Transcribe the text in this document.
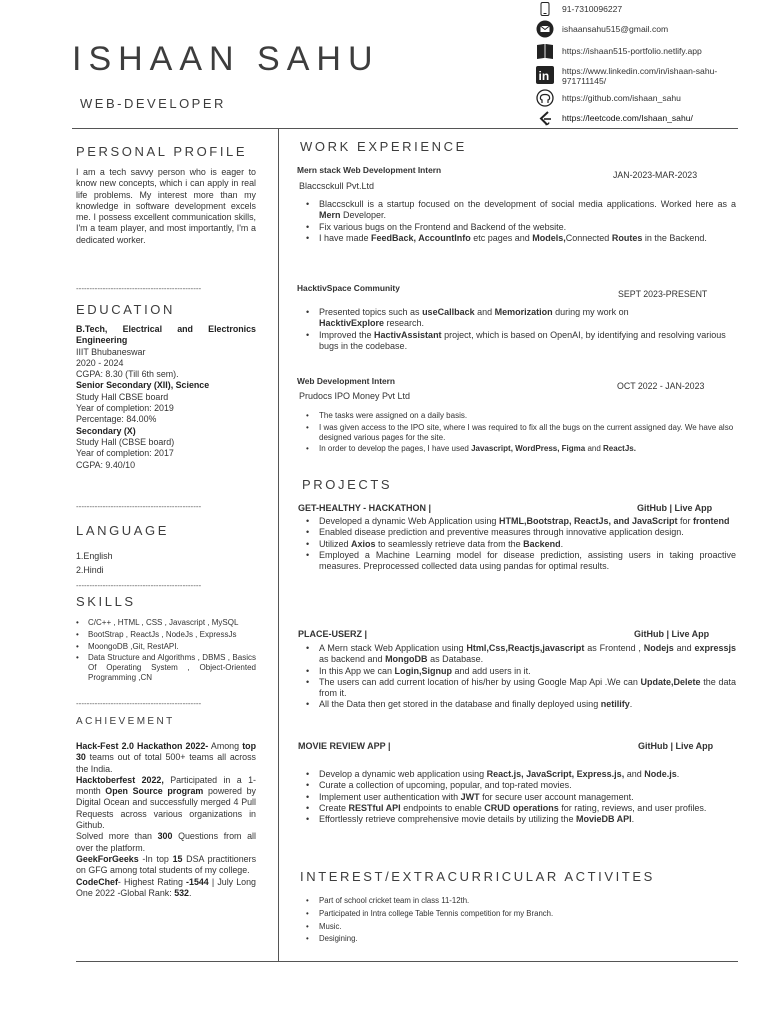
ISHAAN SAHU
WEB-DEVELOPER
91-7310096227
ishaansahu515@gmail.com
https://ishaan515-portfolio.netlify.app
in https://www.linkedin.com/in/ishaan-sahu-971711145/
https://github.com/ishaan_sahu
https://leetcode.com/Ishaan_sahu/
PERSONAL PROFILE
I am a tech savvy person who is eager to know new concepts, which i can apply in real life problems. My interest more than my knowledge in software development excels me. I possess excellent communication skills, I'm a team player, and most importantly, I'm a dedicated worker.
-----------------------------------------------
EDUCATION
B.Tech, Electrical and Electronics Engineering
IIIT Bhubaneswar
2020 - 2024
CGPA: 8.30 (Till 6th sem).
Senior Secondary (XII), Science
Study Hall CBSE board
Year of completion: 2019
Percentage: 84.00%
Secondary (X)
Study Hall (CBSE board)
Year of completion: 2017
CGPA: 9.40/10
-----------------------------------------------
LANGUAGE
1.English
2.Hindi
-----------------------------------------------
SKILLS
• C/C++ , HTML , CSS , Javascript , MySQL
• BootStrap , ReactJs , NodeJs , ExpressJs
• MoongoDB ,Git, RestAPI.
• Data Structure and Algorithms , DBMS , Basics Of Operating System , Object-Oriented Programming ,CN
-----------------------------------------------
ACHIEVEMENT
Hack-Fest 2.0 Hackathon 2022- Among top 30 teams out of total 500+ teams all across the India.
Hacktoberfest 2022, Participated in a 1-month Open Source program powered by Digital Ocean and successfully merged 4 Pull Requests across various organizations in Github.
Solved more than 300 Questions from all over the platform.
GeekForGeeks -In top 15 DSA practitioners on GFG among total students of my college.
CodeChef- Highest Rating -1544 | July Long One 2022 -Global Rank: 532.
WORK EXPERIENCE
Mern stack Web Development Intern	JAN-2023-MAR-2023
Blaccsckull Pvt.Ltd
• Blaccsckull is a startup focused on the development of social media applications. Worked here as a Mern Developer.
• Fix various bugs on the Frontend and Backend of the website.
• I have made FeedBack, AccountInfo etc pages and Models,Connected Routes in the Backend.
HacktivSpace Community
SEPT 2023-PRESENT
• Presented topics such as useCallback and Memorization during my work on
HacktivExplore research.
• Improved the HactivAssistant project, which is based on OpenAI, by identifying and resolving various bugs in the codebase.
Web Development Intern	OCT 2022 - JAN-2023
Prudocs IPO Money Pvt Ltd
• The tasks were assigned on a daily basis.
• I was given access to the IPO site, where I was required to fix all the bugs on the current assigned day. We have also designed various pages for the site.
• In order to develop the pages, I have used Javascript, WordPress, Figma and ReactJs.
PROJECTS
GET-HEALTHY - HACKATHON |	GitHub | Live App
• Developed a dynamic Web Application using HTML,Bootstrap, ReactJs, and JavaScript for frontend
• Enabled disease prediction and preventive measures through innovative application design.
• Utilized Axios to seamlessly retrieve data from the Backend.
• Employed a Machine Learning model for disease prediction, assisting users in taking proactive measures. Preprocessed collected data using pandas for optimal results.
PLACE-USERZ |	GitHub | Live App
• A Mern stack Web Application using Html,Css,Reactjs,javascript as Frontend , Nodejs and expressjs as backend and MongoDB as Database.
• In this App we can Login,Signup and add users in it.
• The users can add current location of his/her by using Google Map Api .We can Update,Delete the data from it.
• All the Data then get stored in the database and finally deployed using netilify.
MOVIE REVIEW APP |	GitHub | Live App
• Develop a dynamic web application using React.js, JavaScript, Express.js, and Node.js.
• Curate a collection of upcoming, popular, and top-rated movies.
• Implement user authentication with JWT for secure user account management.
• Create RESTful API endpoints to enable CRUD operations for rating, reviews, and user profiles.
• Effortlessly retrieve comprehensive movie details by utilizing the MovieDB API.
INTEREST/EXTRACURRICULAR ACTIVITES
• Part of school cricket team in class 11-12th.
• Participated in Intra college Table Tennis competition for my Branch.
• Music.
• Desigining.
